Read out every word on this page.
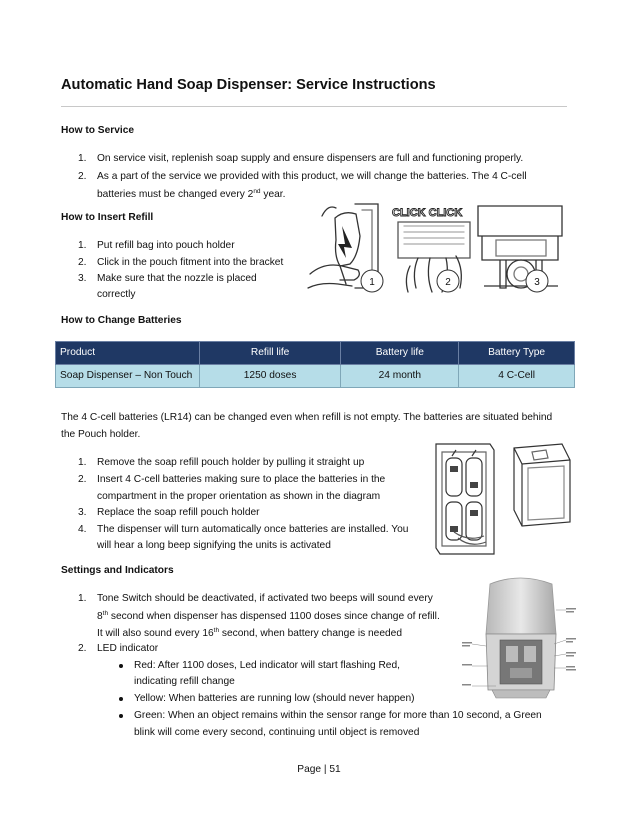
Automatic Hand Soap Dispenser: Service Instructions
How to Service
1. On service visit, replenish soap supply and ensure dispensers are full and functioning properly.
2. As a part of the service we provided with this product, we will change the batteries. The 4 C-cell
batteries must be changed every 2nd year.
How to Insert Refill
1. Put refill bag into pouch holder
2. Click in the pouch fitment into the bracket
3. Make sure that the nozzle is placed
correctly
CLICK CLICK
1	2	3
How to Change Batteries
Product	Refill life	Battery life	Battery Type
Soap Dispenser – Non Touch	1250 doses	24 month	4 C-Cell
The 4 C-cell batteries (LR14) can be changed even when refill is not empty. The batteries are situated behind
the Pouch holder.
1. Remove the soap refill pouch holder by pulling it straight up
2. Insert 4 C-cell batteries making sure to place the batteries in the
compartment in the proper orientation as shown in the diagram
3. Replace the soap refill pouch holder
4. The dispenser will turn automatically once batteries are installed. You
will hear a long beep signifying the units is activated
Settings and Indicators
1. Tone Switch should be deactivated, if activated two beeps will sound every
8th second when dispenser has dispensed 1100 doses since change of refill.
It will also sound every 16th second, when battery change is needed
2. LED indicator
Red: After 1100 doses, Led indicator will start flashing Red,
indicating refill change
Yellow: When batteries are running low (should never happen)
Green: When an object remains within the sensor range for more than 10 second, a Green
blink will come every second, continuing until object is removed
Page | 51
